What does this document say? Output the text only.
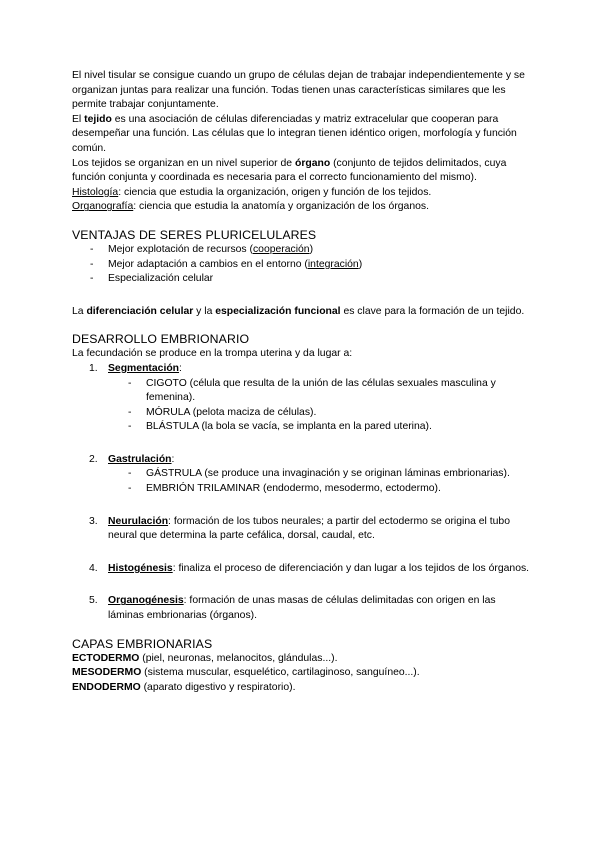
El nivel tisular se consigue cuando un grupo de células dejan de trabajar independientemente y se organizan juntas para realizar una función. Todas tienen unas características similares que les permite trabajar conjuntamente.

El tejido es una asociación de células diferenciadas y matriz extracelular que cooperan para desempeñar una función. Las células que lo integran tienen idéntico origen, morfología y función común.

Los tejidos se organizan en un nivel superior de órgano (conjunto de tejidos delimitados, cuya función conjunta y coordinada es necesaria para el correcto funcionamiento del mismo).

Histología: ciencia que estudia la organización, origen y función de los tejidos.

Organografía: ciencia que estudia la anatomía y organización de los órganos.

VENTAJAS DE SERES PLURICELULARES
- Mejor explotación de recursos (cooperación)
- Mejor adaptación a cambios en el entorno (integración)
- Especialización celular

La diferenciación celular y la especialización funcional es clave para la formación de un tejido.

DESARROLLO EMBRIONARIO

La fecundación se produce en la trompa uterina y da lugar a:

1. Segmentación:
- CIGOTO (célula que resulta de la unión de las células sexuales masculina y femenina).
- MÓRULA (pelota maciza de células).
- BLÁSTULA (la bola se vacía, se implanta en la pared uterina).
2. Gastrulación:
- GÁSTRULA (se produce una invaginación y se originan láminas embrionarias).
- EMBRIÓN TRILAMINAR (endodermo, mesodermo, ectodermo).
3. Neurulación: formación de los tubos neurales; a partir del ectodermo se origina el tubo neural que determina la parte cefálica, dorsal, caudal, etc.
4. Histogénesis: finaliza el proceso de diferenciación y dan lugar a los tejidos de los órganos.
5. Organogénesis: formación de unas masas de células delimitadas con origen en las láminas embrionarias (órganos).
CAPAS EMBRIONARIAS

ECTODERMO (piel, neuronas, melanocitos, glándulas...).

MESODERMO (sistema muscular, esquelético, cartilaginoso, sanguíneo...).

ENDODERMO (aparato digestivo y respiratorio).
